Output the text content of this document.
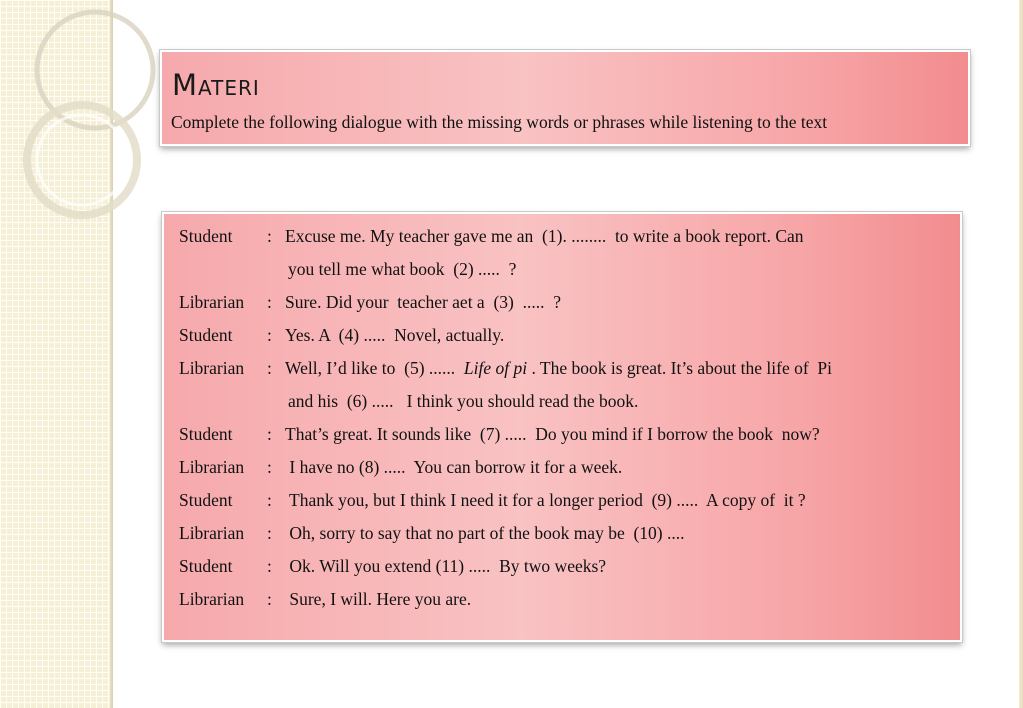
Materi
Complete the following dialogue with the missing words or phrases while listening to the text
Student	: Excuse me. My teacher gave me an  (1). ........  to write a book report. Can
you tell me what book  (2) .....  ?
Librarian	: Sure. Did your  teacher aet a  (3)  .....  ?
Student	: Yes. A  (4) .....  Novel, actually.
Librarian	: Well, I’d like to  (5) ......  Life of pi . The book is great. It’s about the life of  Pi
and his  (6) .....   I think you should read the book.
Student	: That’s great. It sounds like  (7) .....  Do you mind if I borrow the book  now?
Librarian	: I have no (8) .....  You can borrow it for a week.
Student	: Thank you, but I think I need it for a longer period  (9) .....  A copy of  it ?
Librarian	: Oh, sorry to say that no part of the book may be  (10) ....
Student	: Ok. Will you extend (11) .....  By two weeks?
Librarian	: Sure, I will. Here you are.
